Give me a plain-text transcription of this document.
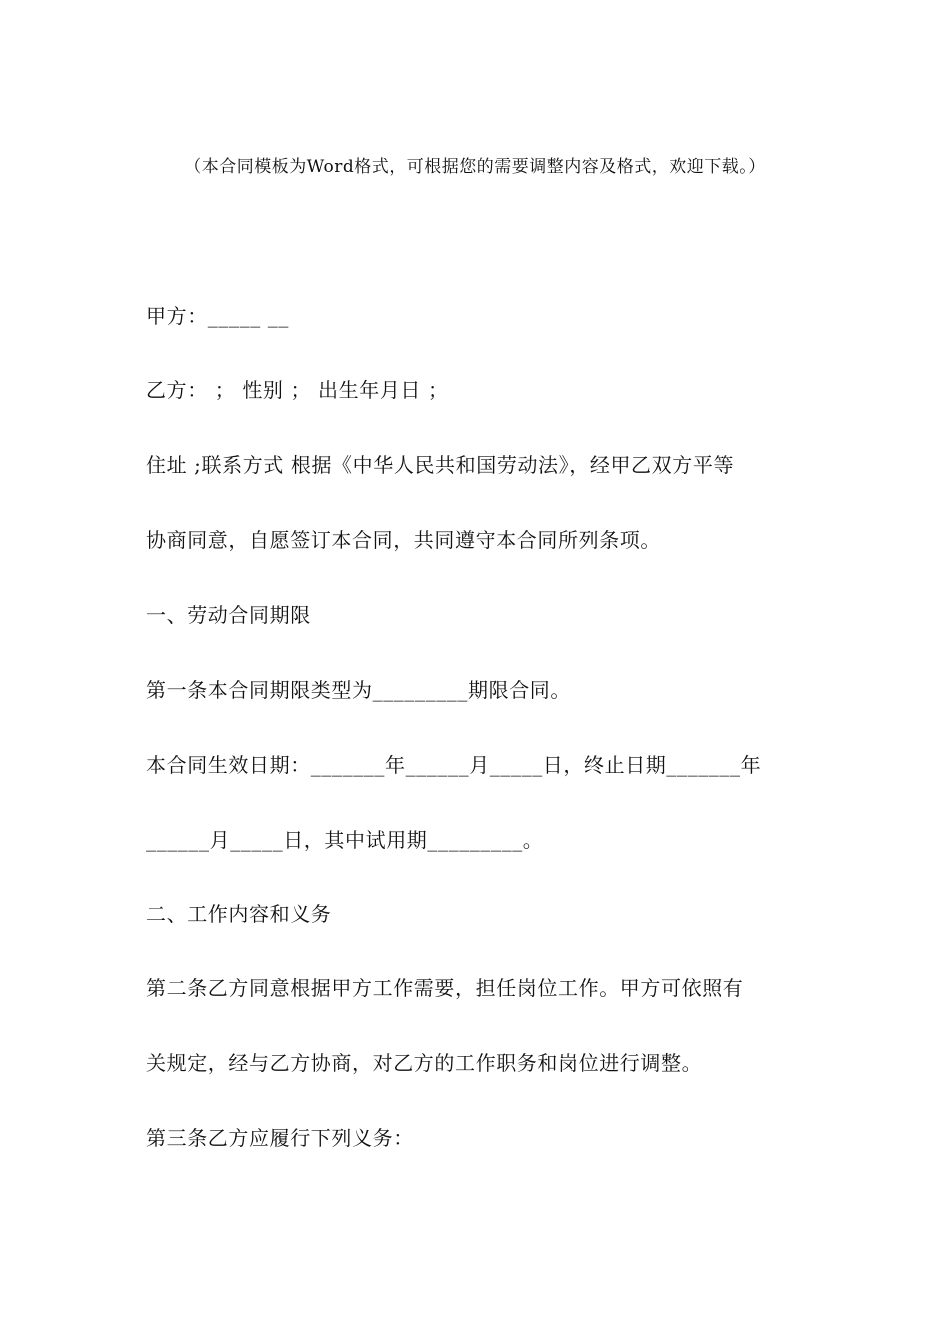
（本合同模板为Word格式，可根据您的需要调整内容及格式，欢迎下载。）
甲方：_____ __
乙方： ； 性别 ； 出生年月日 ；
住址 ;联系方式 根据《中华人民共和国劳动法》，经甲乙双方平等
协商同意，自愿签订本合同，共同遵守本合同所列条项。
一、劳动合同期限
第一条本合同期限类型为_________期限合同。
本合同生效日期：_______年______月_____日，终止日期_______年
______月_____日，其中试用期_________。
二、工作内容和义务
第二条乙方同意根据甲方工作需要，担任岗位工作。甲方可依照有
关规定，经与乙方协商，对乙方的工作职务和岗位进行调整。
第三条乙方应履行下列义务：
